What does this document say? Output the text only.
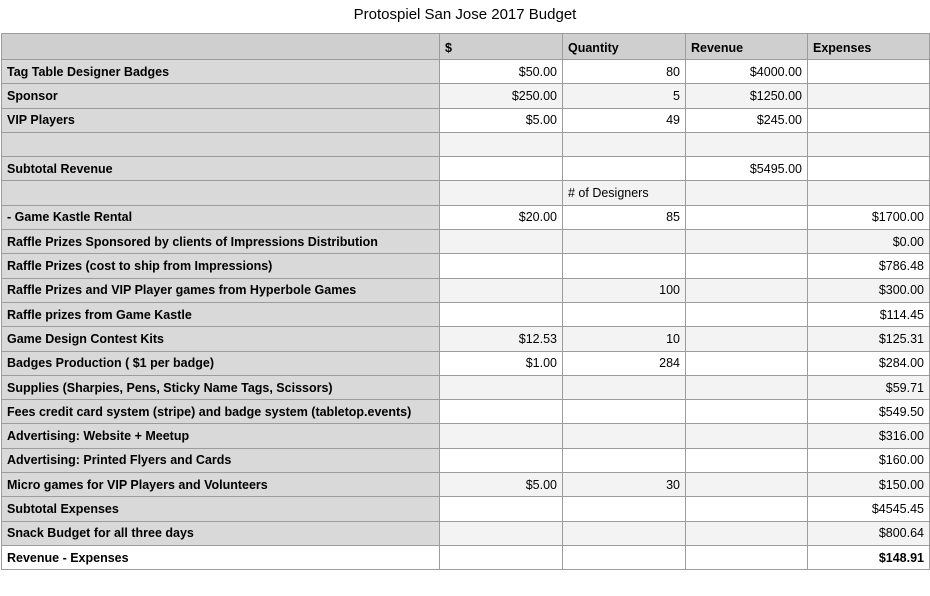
Protospiel San Jose 2017 Budget
	$	Quantity	Revenue	Expenses
Tag Table Designer Badges	$50.00	80	$4000.00	
Sponsor	$250.00	5	$1250.00	
VIP Players	$5.00	49	$245.00	

Subtotal Revenue			$5495.00	
		# of Designers		
- Game Kastle Rental	$20.00	85		$1700.00
Raffle Prizes Sponsored by clients of Impressions Distribution				$0.00
Raffle Prizes (cost to ship from Impressions)				$786.48
Raffle Prizes and VIP Player games from Hyperbole Games		100		$300.00
Raffle prizes from Game Kastle				$114.45
Game Design Contest Kits	$12.53	10		$125.31
Badges Production ( $1 per badge)	$1.00	284		$284.00
Supplies (Sharpies, Pens, Sticky Name Tags, Scissors)				$59.71
Fees credit card system (stripe) and badge system (tabletop.events)				$549.50
Advertising: Website + Meetup				$316.00
Advertising: Printed Flyers and Cards				$160.00
Micro games for VIP Players and Volunteers	$5.00	30		$150.00
Subtotal Expenses				$4545.45
Snack Budget for all three days				$800.64
Revenue - Expenses				$148.91
